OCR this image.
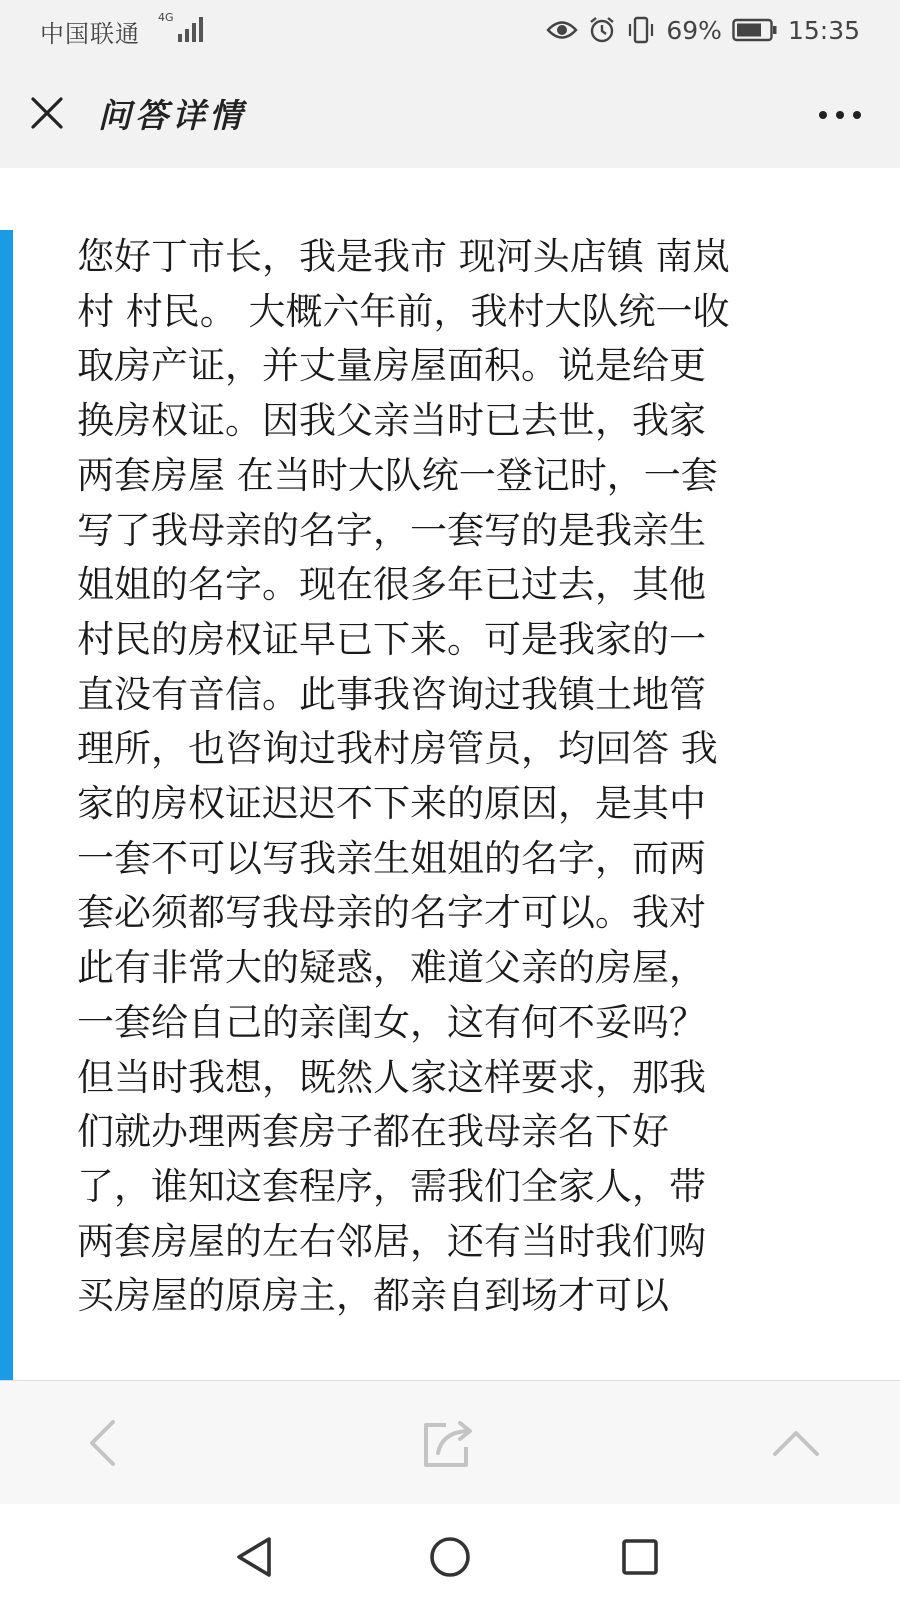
中国联通
4G	69%	15:35
问答详情

您好丁市长，我是我市 现河头店镇 南岚
村 村民。 大概六年前，我村大队统一收
取房产证，并丈量房屋面积。说是给更
换房权证。因我父亲当时已去世，我家
两套房屋 在当时大队统一登记时，一套
写了我母亲的名字，一套写的是我亲生
姐姐的名字。现在很多年已过去，其他
村民的房权证早已下来。可是我家的一
直没有音信。此事我咨询过我镇土地管
理所，也咨询过我村房管员，均回答 我
家的房权证迟迟不下来的原因，是其中
一套不可以写我亲生姐姐的名字，而两
套必须都写我母亲的名字才可以。我对
此有非常大的疑惑，难道父亲的房屋，
一套给自己的亲闺女，这有何不妥吗？
但当时我想，既然人家这样要求，那我
们就办理两套房子都在我母亲名下好
了，谁知这套程序，需我们全家人，带
两套房屋的左右邻居，还有当时我们购
买房屋的原房主，都亲自到场才可以
